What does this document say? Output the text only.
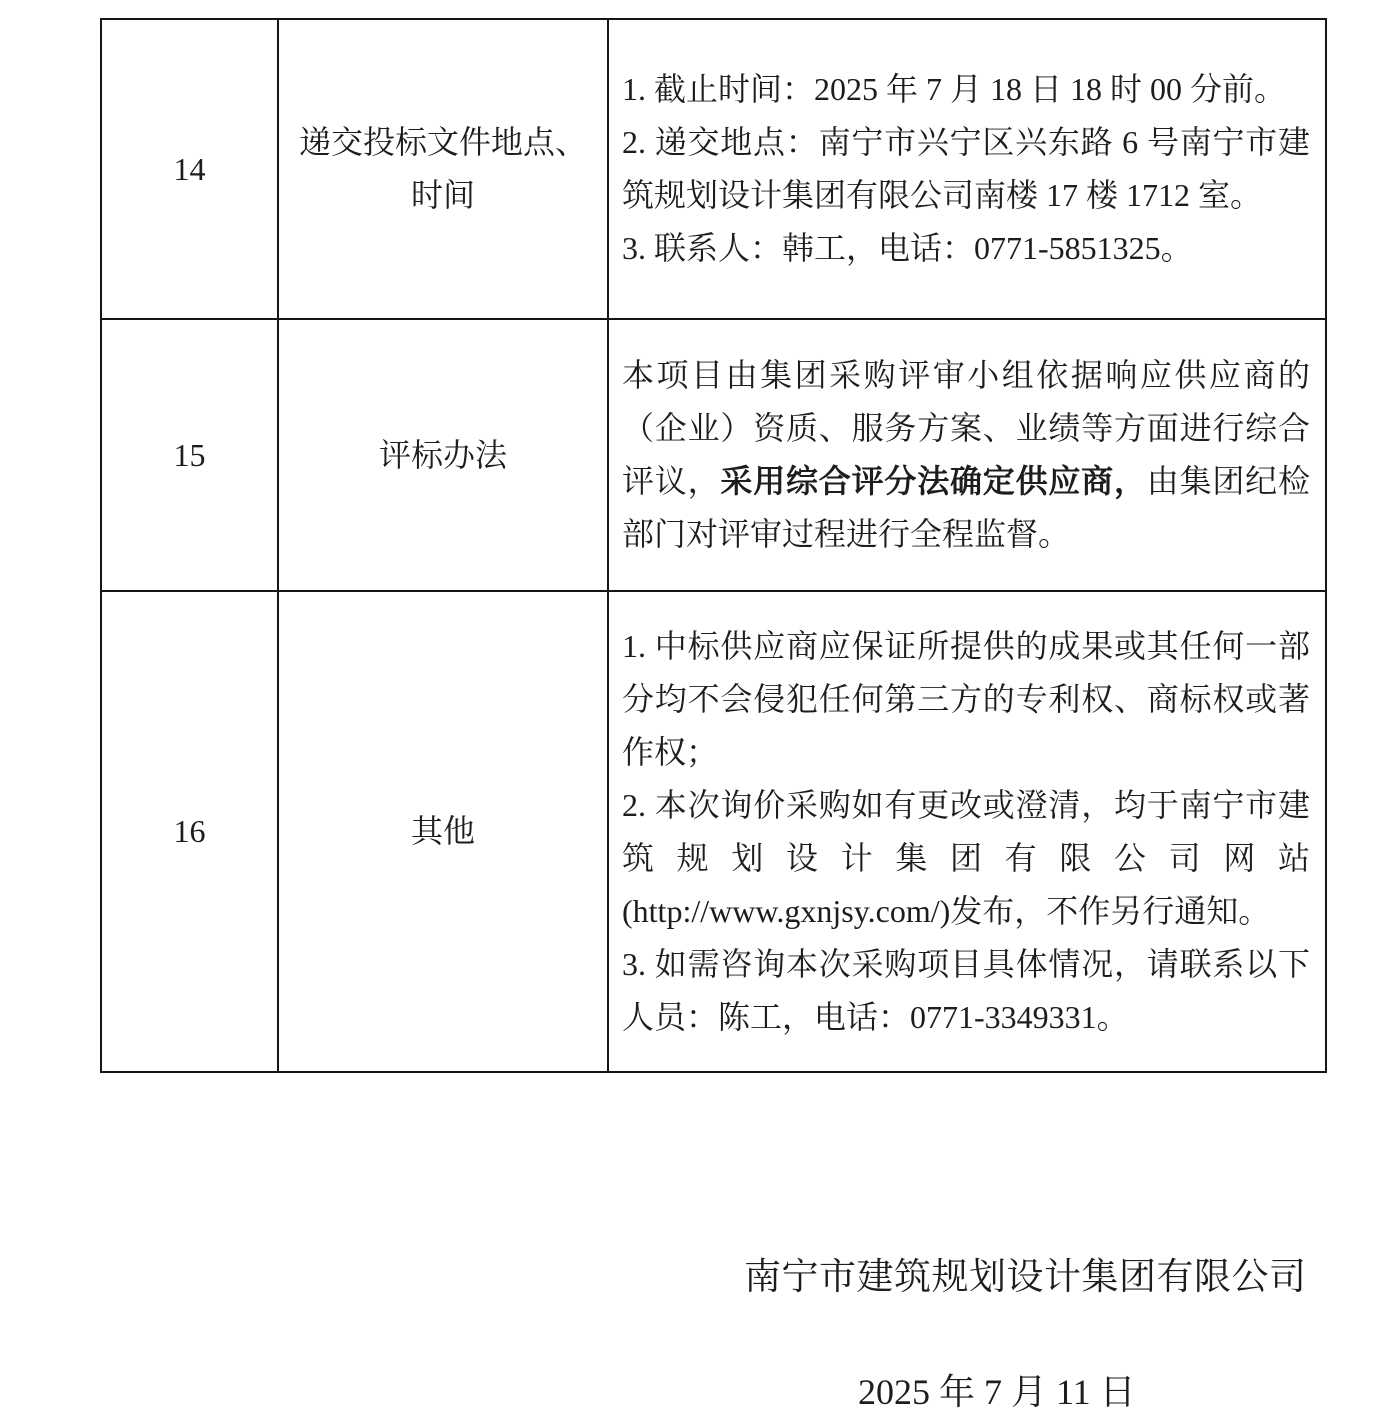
14	递交投标文件地点、时间	1. 截止时间：2025 年 7 月 18 日 18 时 00 分前。

2. 递交地点：南宁市兴宁区兴东路 6 号南宁市建筑规划设计集团有限公司南楼 17 楼 1712 室。

3. 联系人：韩工，电话：0771-5851325。

15	评标办法	本项目由集团采购评审小组依据响应供应商的（企业）资质、服务方案、业绩等方面进行综合评议，采用综合评分法确定供应商，由集团纪检部门对评审过程进行全程监督。

16	其他	1. 中标供应商应保证所提供的成果或其任何一部分均不会侵犯任何第三方的专利权、商标权或著作权；

2. 本次询价采购如有更改或澄清，均于南宁市建筑规划设计集团有限公司网站(http://www.gxnjsy.com/)发布，不作另行通知。

3. 如需咨询本次采购项目具体情况，请联系以下人员：陈工，电话：0771-3349331。

南宁市建筑规划设计集团有限公司
2025 年 7 月 11 日
